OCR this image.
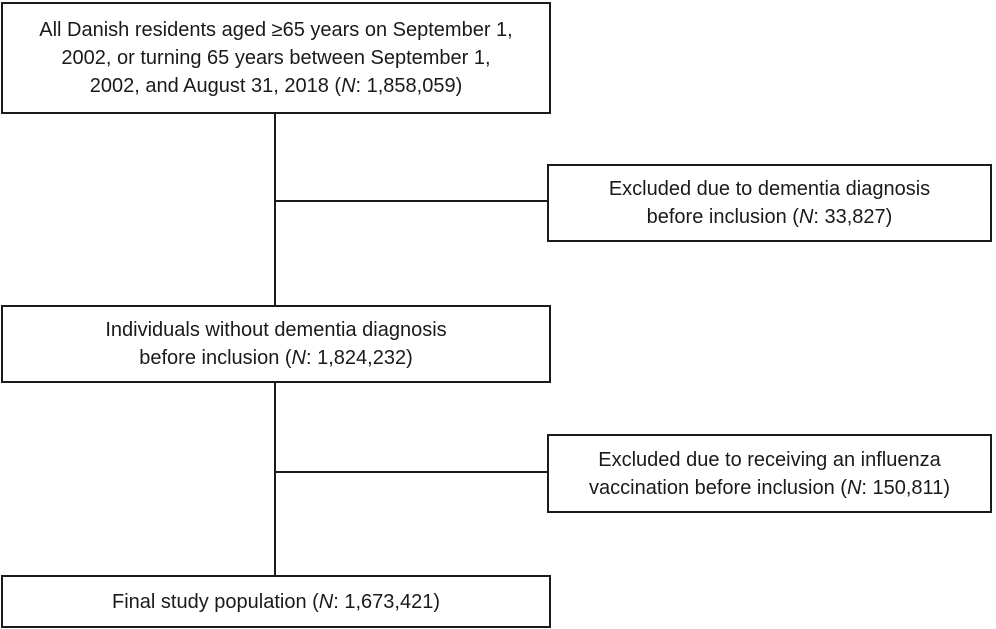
All Danish residents aged ≥65 years on September 1,
2002, or turning 65 years between September 1,
2002, and August 31, 2018 (N: 1,858,059)
Excluded due to dementia diagnosis
before inclusion (N: 33,827)
Individuals without dementia diagnosis
before inclusion (N: 1,824,232)
Excluded due to receiving an influenza
vaccination before inclusion (N: 150,811)
Final study population (N: 1,673,421)
